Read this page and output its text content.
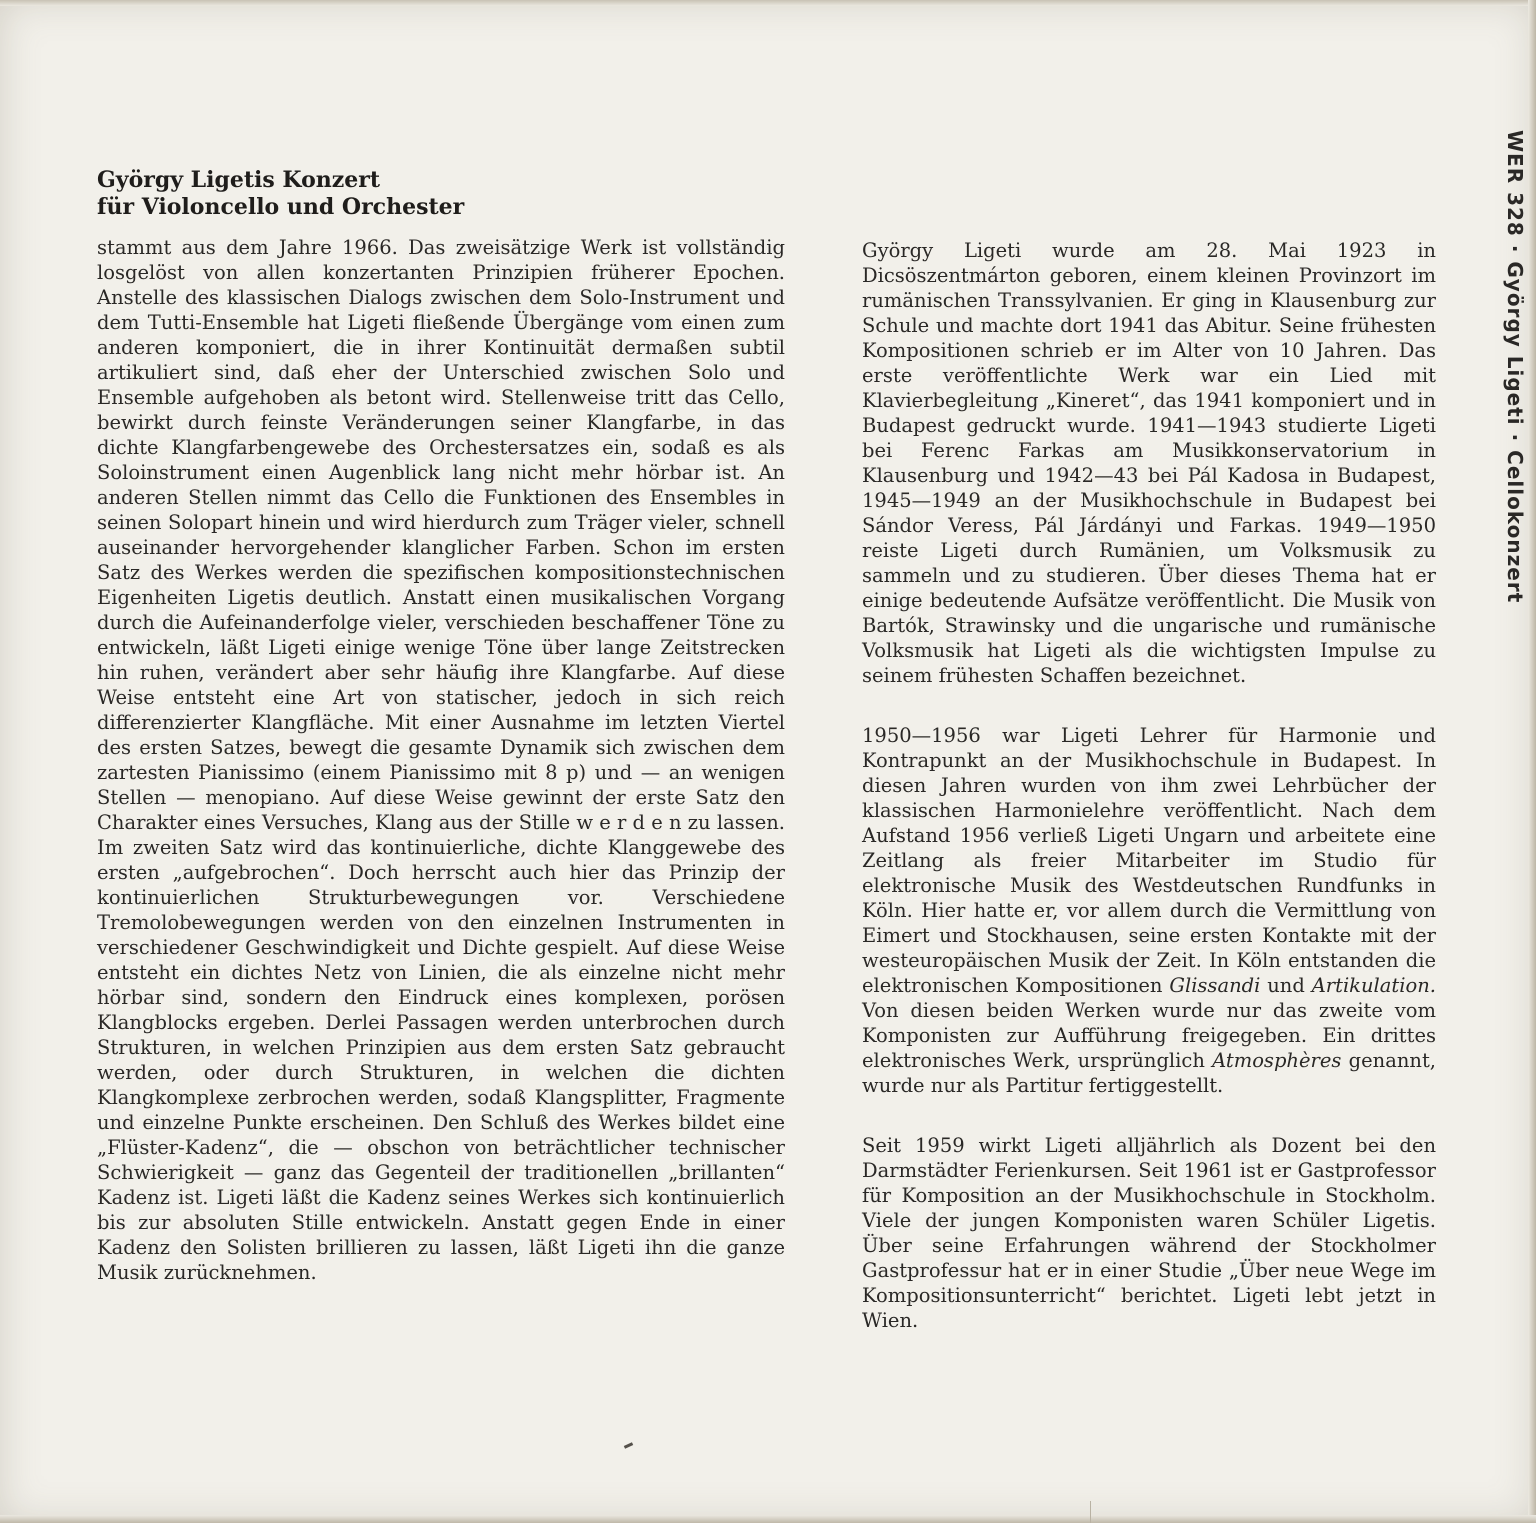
György Ligetis Konzert
für Violoncello und Orchester

stammt aus dem Jahre 1966. Das zweisätzige Werk ist vollständig losgelöst von allen konzertanten Prinzipien früherer Epochen. Anstelle des klassischen Dialogs zwischen dem Solo-Instrument und dem Tutti-Ensemble hat Ligeti fließende Übergänge vom einen zum anderen komponiert, die in ihrer Kontinuität dermaßen subtil artikuliert sind, daß eher der Unterschied zwischen Solo und Ensemble aufgehoben als betont wird. Stellenweise tritt das Cello, bewirkt durch feinste Veränderungen seiner Klangfarbe, in das dichte Klangfarbengewebe des Orchestersatzes ein, sodaß es als Soloinstrument einen Augenblick lang nicht mehr hörbar ist. An anderen Stellen nimmt das Cello die Funktionen des Ensembles in seinen Solopart hinein und wird hierdurch zum Träger vieler, schnell auseinander hervorgehender klanglicher Farben. Schon im ersten Satz des Werkes werden die spezifischen kompositionstechnischen Eigenheiten Ligetis deutlich. Anstatt einen musikalischen Vorgang durch die Aufeinanderfolge vieler, verschieden beschaffener Töne zu entwickeln, läßt Ligeti einige wenige Töne über lange Zeitstrecken hin ruhen, verändert aber sehr häufig ihre Klangfarbe. Auf diese Weise entsteht eine Art von statischer, jedoch in sich reich differenzierter Klangfläche. Mit einer Ausnahme im letzten Viertel des ersten Satzes, bewegt die gesamte Dynamik sich zwischen dem zartesten Pianissimo (einem Pianissimo mit 8 p) und — an wenigen Stellen — menopiano. Auf diese Weise gewinnt der erste Satz den Charakter eines Versuches, Klang aus der Stille w e r d e n zu lassen. Im zweiten Satz wird das kontinuierliche, dichte Klanggewebe des ersten „aufgebrochen“. Doch herrscht auch hier das Prinzip der kontinuierlichen Strukturbewegungen vor. Verschiedene Tremolobewegungen werden von den einzelnen Instrumenten in verschiedener Geschwindigkeit und Dichte gespielt. Auf diese Weise entsteht ein dichtes Netz von Linien, die als einzelne nicht mehr hörbar sind, sondern den Eindruck eines komplexen, porösen Klangblocks ergeben. Derlei Passagen werden unterbrochen durch Strukturen, in welchen Prinzipien aus dem ersten Satz gebraucht werden, oder durch Strukturen, in welchen die dichten Klangkomplexe zerbrochen werden, sodaß Klangsplitter, Fragmente und einzelne Punkte erscheinen. Den Schluß des Werkes bildet eine „Flüster-Kadenz“, die — obschon von beträchtlicher technischer Schwierigkeit — ganz das Gegenteil der traditionellen „brillanten“ Kadenz ist. Ligeti läßt die Kadenz seines Werkes sich kontinuierlich bis zur absoluten Stille entwickeln. Anstatt gegen Ende in einer Kadenz den Solisten brillieren zu lassen, läßt Ligeti ihn die ganze Musik zurücknehmen.

György Ligeti wurde am 28. Mai 1923 in Dicsöszentmárton geboren, einem kleinen Provinzort im rumänischen Transsylvanien. Er ging in Klausenburg zur Schule und machte dort 1941 das Abitur. Seine frühesten Kompositionen schrieb er im Alter von 10 Jahren. Das erste veröffentlichte Werk war ein Lied mit Klavierbegleitung „Kineret“, das 1941 komponiert und in Budapest gedruckt wurde. 1941—1943 studierte Ligeti bei Ferenc Farkas am Musikkonservatorium in Klausenburg und 1942—43 bei Pál Kadosa in Budapest, 1945—1949 an der Musikhochschule in Budapest bei Sándor Veress, Pál Járdányi und Farkas. 1949—1950 reiste Ligeti durch Rumänien, um Volksmusik zu sammeln und zu studieren. Über dieses Thema hat er einige bedeutende Aufsätze veröffentlicht. Die Musik von Bartók, Strawinsky und die ungarische und rumänische Volksmusik hat Ligeti als die wichtigsten Impulse zu seinem frühesten Schaffen bezeichnet.

1950—1956 war Ligeti Lehrer für Harmonie und Kontrapunkt an der Musikhochschule in Budapest. In diesen Jahren wurden von ihm zwei Lehrbücher der klassischen Harmonielehre veröffentlicht. Nach dem Aufstand 1956 verließ Ligeti Ungarn und arbeitete eine Zeitlang als freier Mitarbeiter im Studio für elektronische Musik des Westdeutschen Rundfunks in Köln. Hier hatte er, vor allem durch die Vermittlung von Eimert und Stockhausen, seine ersten Kontakte mit der westeuropäischen Musik der Zeit. In Köln entstanden die elektronischen Kompositionen Glissandi und Artikulation. Von diesen beiden Werken wurde nur das zweite vom Komponisten zur Aufführung freigegeben. Ein drittes elektronisches Werk, ursprünglich Atmosphères genannt, wurde nur als Partitur fertiggestellt.

Seit 1959 wirkt Ligeti alljährlich als Dozent bei den Darmstädter Ferienkursen. Seit 1961 ist er Gastprofessor für Komposition an der Musikhochschule in Stockholm. Viele der jungen Komponisten waren Schüler Ligetis. Über seine Erfahrungen während der Stockholmer Gastprofessur hat er in einer Studie „Über neue Wege im Kompositionsunterricht“ berichtet. Ligeti lebt jetzt in Wien.

WER 328 · György Ligeti · Cellokonzert
